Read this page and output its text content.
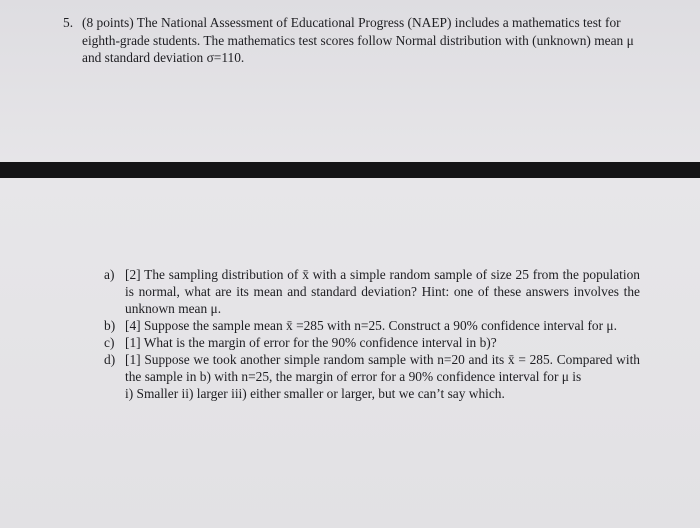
5. (8 points) The National Assessment of Educational Progress (NAEP) includes a mathematics test for eighth-grade students. The mathematics test scores follow Normal distribution with (unknown) mean μ and standard deviation σ=110.
a) [2] The sampling distribution of x̄ with a simple random sample of size 25 from the population is normal, what are its mean and standard deviation? Hint: one of these answers involves the unknown mean μ.
b) [4] Suppose the sample mean x̄ =285 with n=25. Construct a 90% confidence interval for μ.
c) [1] What is the margin of error for the 90% confidence interval in b)?
d) [1] Suppose we took another simple random sample with n=20 and its x̄ = 285. Compared with the sample in b) with n=25, the margin of error for a 90% confidence interval for μ is
i) Smaller ii) larger iii) either smaller or larger, but we can’t say which.
